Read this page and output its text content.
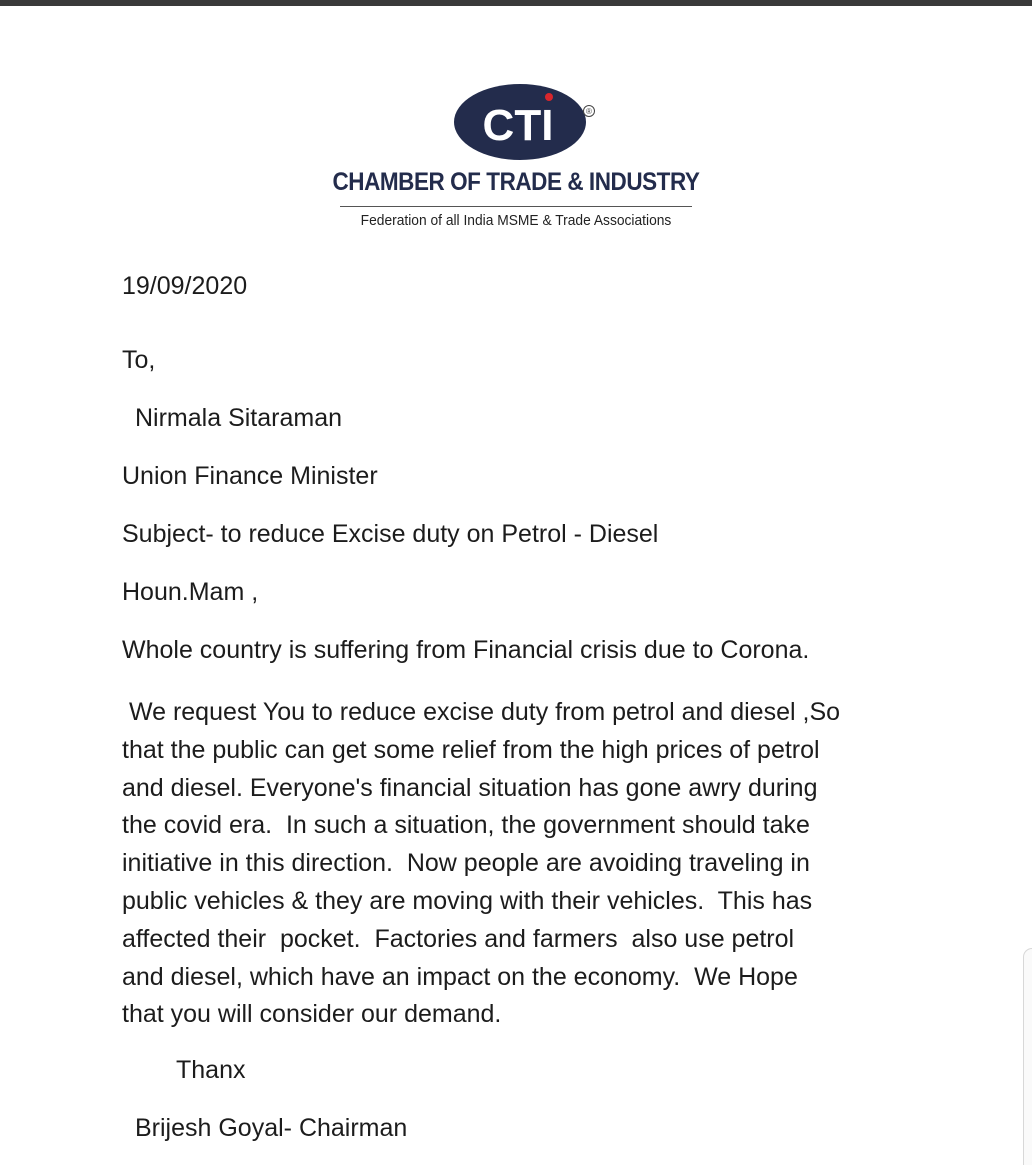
CTI	®
CHAMBER OF TRADE & INDUSTRY
Federation of all India MSME & Trade Associations
19/09/2020
To,
Nirmala Sitaraman
Union Finance Minister
Subject- to reduce Excise duty on Petrol - Diesel
Houn.Mam ,
Whole country is suffering from Financial crisis due to Corona.
We request You to reduce excise duty from petrol and diesel ,So
that the public can get some relief from the high prices of petrol
and diesel. Everyone's financial situation has gone awry during
the covid era.  In such a situation, the government should take
initiative in this direction.  Now people are avoiding traveling in
public vehicles & they are moving with their vehicles.  This has
affected their  pocket.  Factories and farmers  also use petrol
and diesel, which have an impact on the economy.  We Hope
that you will consider our demand.
Thanx
Brijesh Goyal- Chairman
